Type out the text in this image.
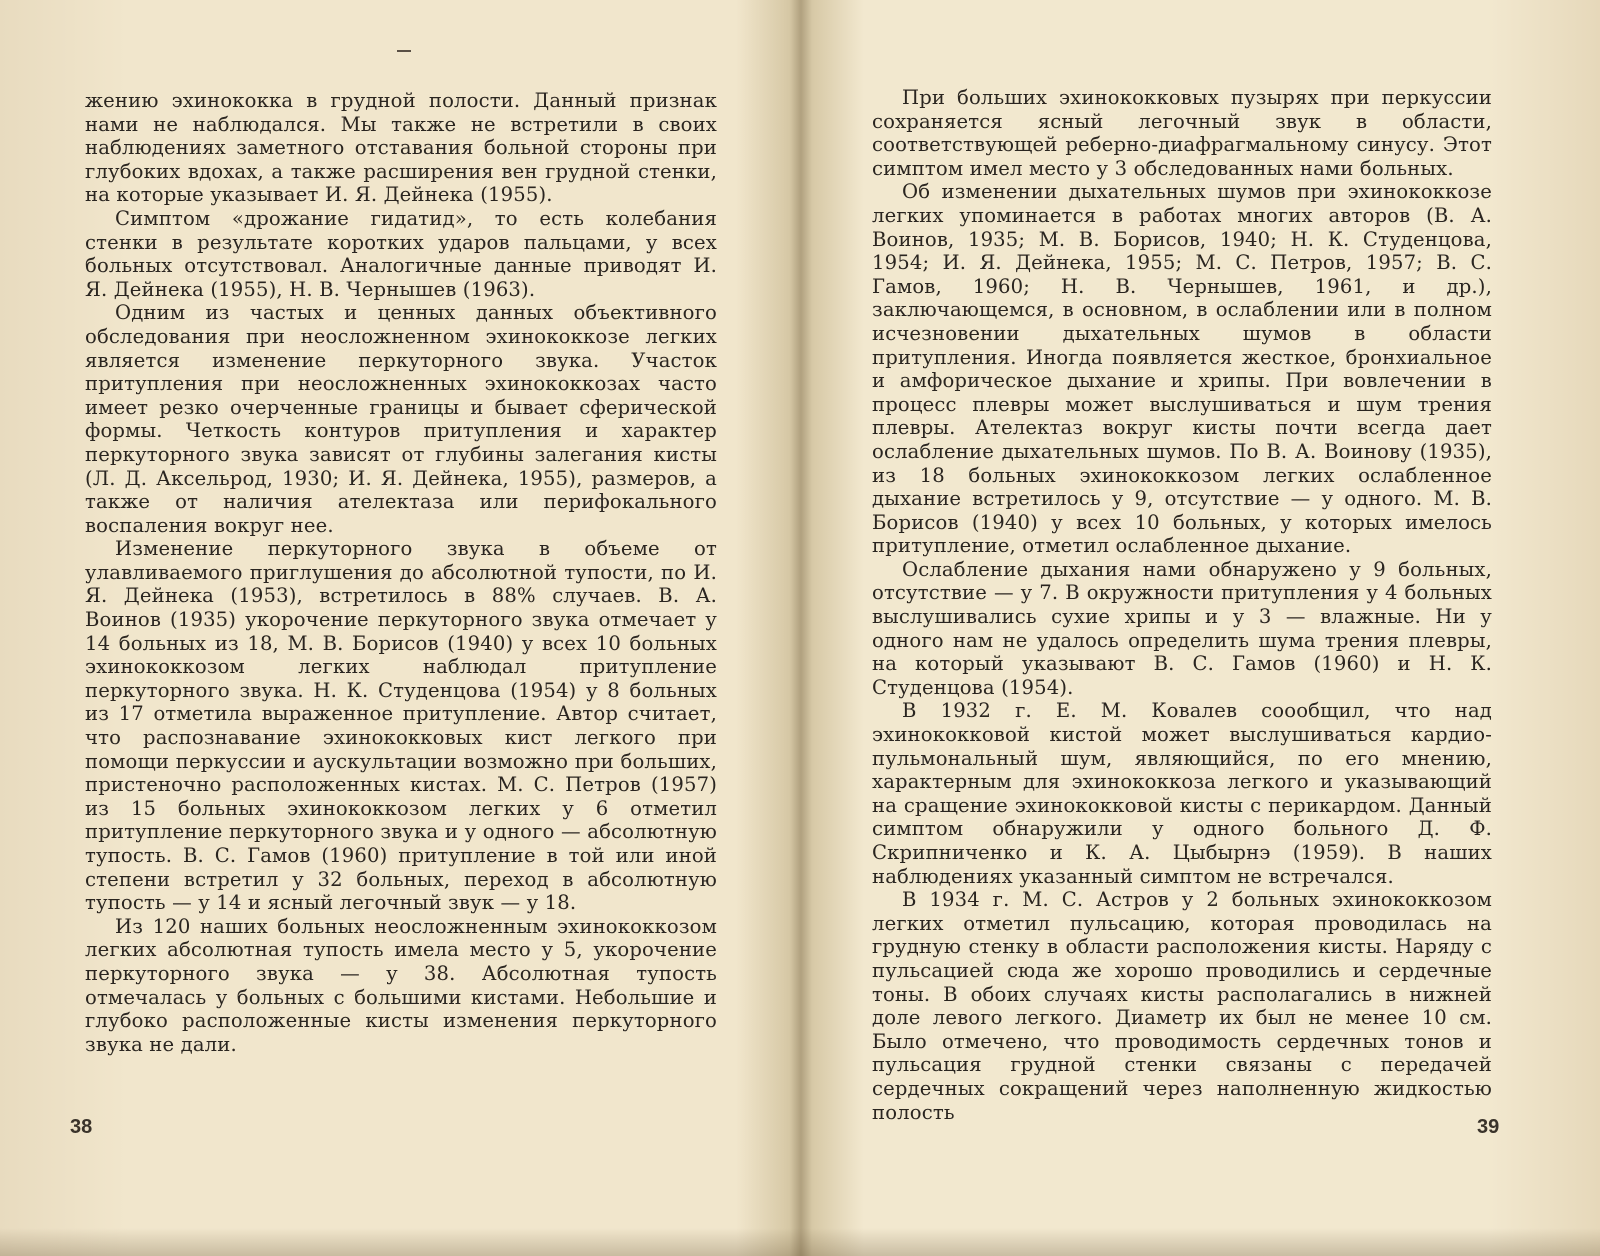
жению эхинококка в грудной полости. Данный признак нами не наблюдался. Мы также не встретили в своих наблюдениях заметного отставания больной стороны при глубоких вдохах, а также расширения вен грудной стенки, на которые указывает И. Я. Дейнека (1955).

Симптом «дрожание гидатид», то есть колебания стенки в результате коротких ударов пальцами, у всех больных отсутствовал. Аналогичные данные приводят И. Я. Дейнека (1955), Н. В. Чернышев (1963).

Одним из частых и ценных данных объективного обследования при неосложненном эхинококкозе легких является изменение перкуторного звука. Участок притупления при неосложненных эхинококкозах часто имеет резко очерченные границы и бывает сферической формы. Четкость контуров притупления и характер перкуторного звука зависят от глубины залегания кисты (Л. Д. Аксельрод, 1930; И. Я. Дейнека, 1955), размеров, а также от наличия ателектаза или перифокального воспаления вокруг нее.

Изменение перкуторного звука в объеме от улавливаемого приглушения до абсолютной тупости, по И. Я. Дейнека (1953), встретилось в 88% случаев. В. А. Воинов (1935) укорочение перкуторного звука отмечает у 14 больных из 18, М. В. Борисов (1940) у всех 10 больных эхинококкозом легких наблюдал притупление перкуторного звука. Н. К. Студенцова (1954) у 8 больных из 17 отметила выраженное притупление. Автор считает, что распознавание эхинококковых кист легкого при помощи перкуссии и аускультации возможно при больших, пристеночно расположенных кистах. М. С. Петров (1957) из 15 больных эхинококкозом легких у 6 отметил притупление перкуторного звука и у одного — абсолютную тупость. В. С. Гамов (1960) притупление в той или иной степени встретил у 32 больных, переход в абсолютную тупость — у 14 и ясный легочный звук — у 18.

Из 120 наших больных неосложненным эхинококкозом легких абсолютная тупость имела место у 5, укорочение перкуторного звука — у 38. Абсолютная тупость отмечалась у больных с большими кистами. Небольшие и глубоко расположенные кисты изменения перкуторного звука не дали.

38

При больших эхинококковых пузырях при перкуссии сохраняется ясный легочный звук в области, соответствующей реберно-диафрагмальному синусу. Этот симптом имел место у 3 обследованных нами больных.

Об изменении дыхательных шумов при эхинококкозе легких упоминается в работах многих авторов (В. А. Воинов, 1935; М. В. Борисов, 1940; Н. К. Студенцова, 1954; И. Я. Дейнека, 1955; М. С. Петров, 1957; В. С. Гамов, 1960; Н. В. Чернышев, 1961, и др.), заключающемся, в основном, в ослаблении или в полном исчезновении дыхательных шумов в области притупления. Иногда появляется жесткое, бронхиальное и амфорическое дыхание и хрипы. При вовлечении в процесс плевры может выслушиваться и шум трения плевры. Ателектаз вокруг кисты почти всегда дает ослабление дыхательных шумов. По В. А. Воинову (1935), из 18 больных эхинококкозом легких ослабленное дыхание встретилось у 9, отсутствие — у одного. М. В. Борисов (1940) у всех 10 больных, у которых имелось притупление, отметил ослабленное дыхание.

Ослабление дыхания нами обнаружено у 9 больных, отсутствие — у 7. В окружности притупления у 4 больных выслушивались сухие хрипы и у 3 — влажные. Ни у одного нам не удалось определить шума трения плевры, на который указывают В. С. Гамов (1960) и Н. К. Студенцова (1954).

В 1932 г. Е. М. Ковалев сооoбщил, что над эхинококковой кистой может выслушиваться кардио-пульмональный шум, являющийся, по его мнению, характерным для эхинококкоза легкого и указывающий на сращение эхинококковой кисты с перикардом. Данный симптом обнаружили у одного больного Д. Ф. Скрипниченко и К. А. Цыбырнэ (1959). В наших наблюдениях указанный симптом не встречался.

В 1934 г. М. С. Астров у 2 больных эхинококкозом легких отметил пульсацию, которая проводилась на грудную стенку в области расположения кисты. Наряду с пульсацией сюда же хорошо проводились и сердечные тоны. В обоих случаях кисты располагались в нижней доле левого легкого. Диаметр их был не менее 10 см. Было отмечено, что проводимость сердечных тонов и пульсация грудной стенки связаны с передачей сердечных сокращений через наполненную жидкостью полость

39
